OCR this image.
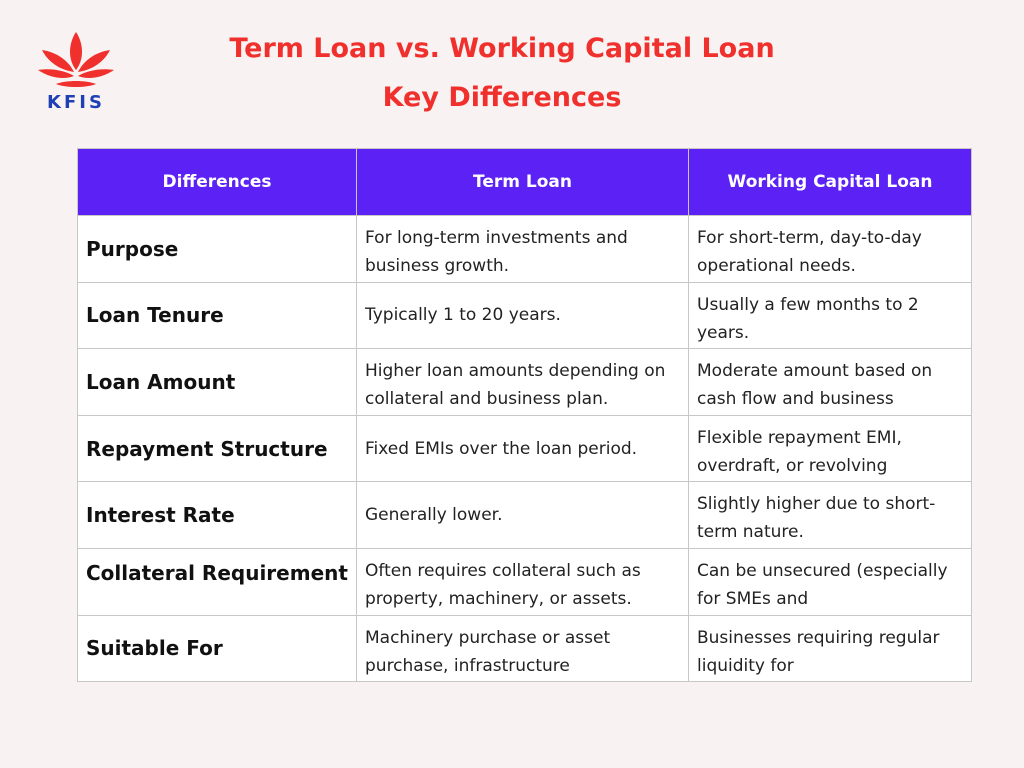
KFIS
Term Loan vs. Working Capital Loan
Key Differences
Differences	Term Loan	Working Capital Loan
Purpose	For long-term investments and business growth.	For short-term, day-to-day operational needs.

Loan Tenure	Typically 1 to 20 years.	Usually a few months to 2 years.

Loan Amount	Higher loan amounts depending on collateral and business plan.	Moderate amount based on cash flow and business

Repayment Structure	Fixed EMIs over the loan period.	Flexible repayment EMI, overdraft, or revolving

Interest Rate	Generally lower.	Slightly higher due to short-term nature.

Collateral Requirement	Often requires collateral such as property, machinery, or assets.	Can be unsecured (especially for SMEs and

Suitable For	Machinery purchase or asset purchase, infrastructure	Businesses requiring regular liquidity for
